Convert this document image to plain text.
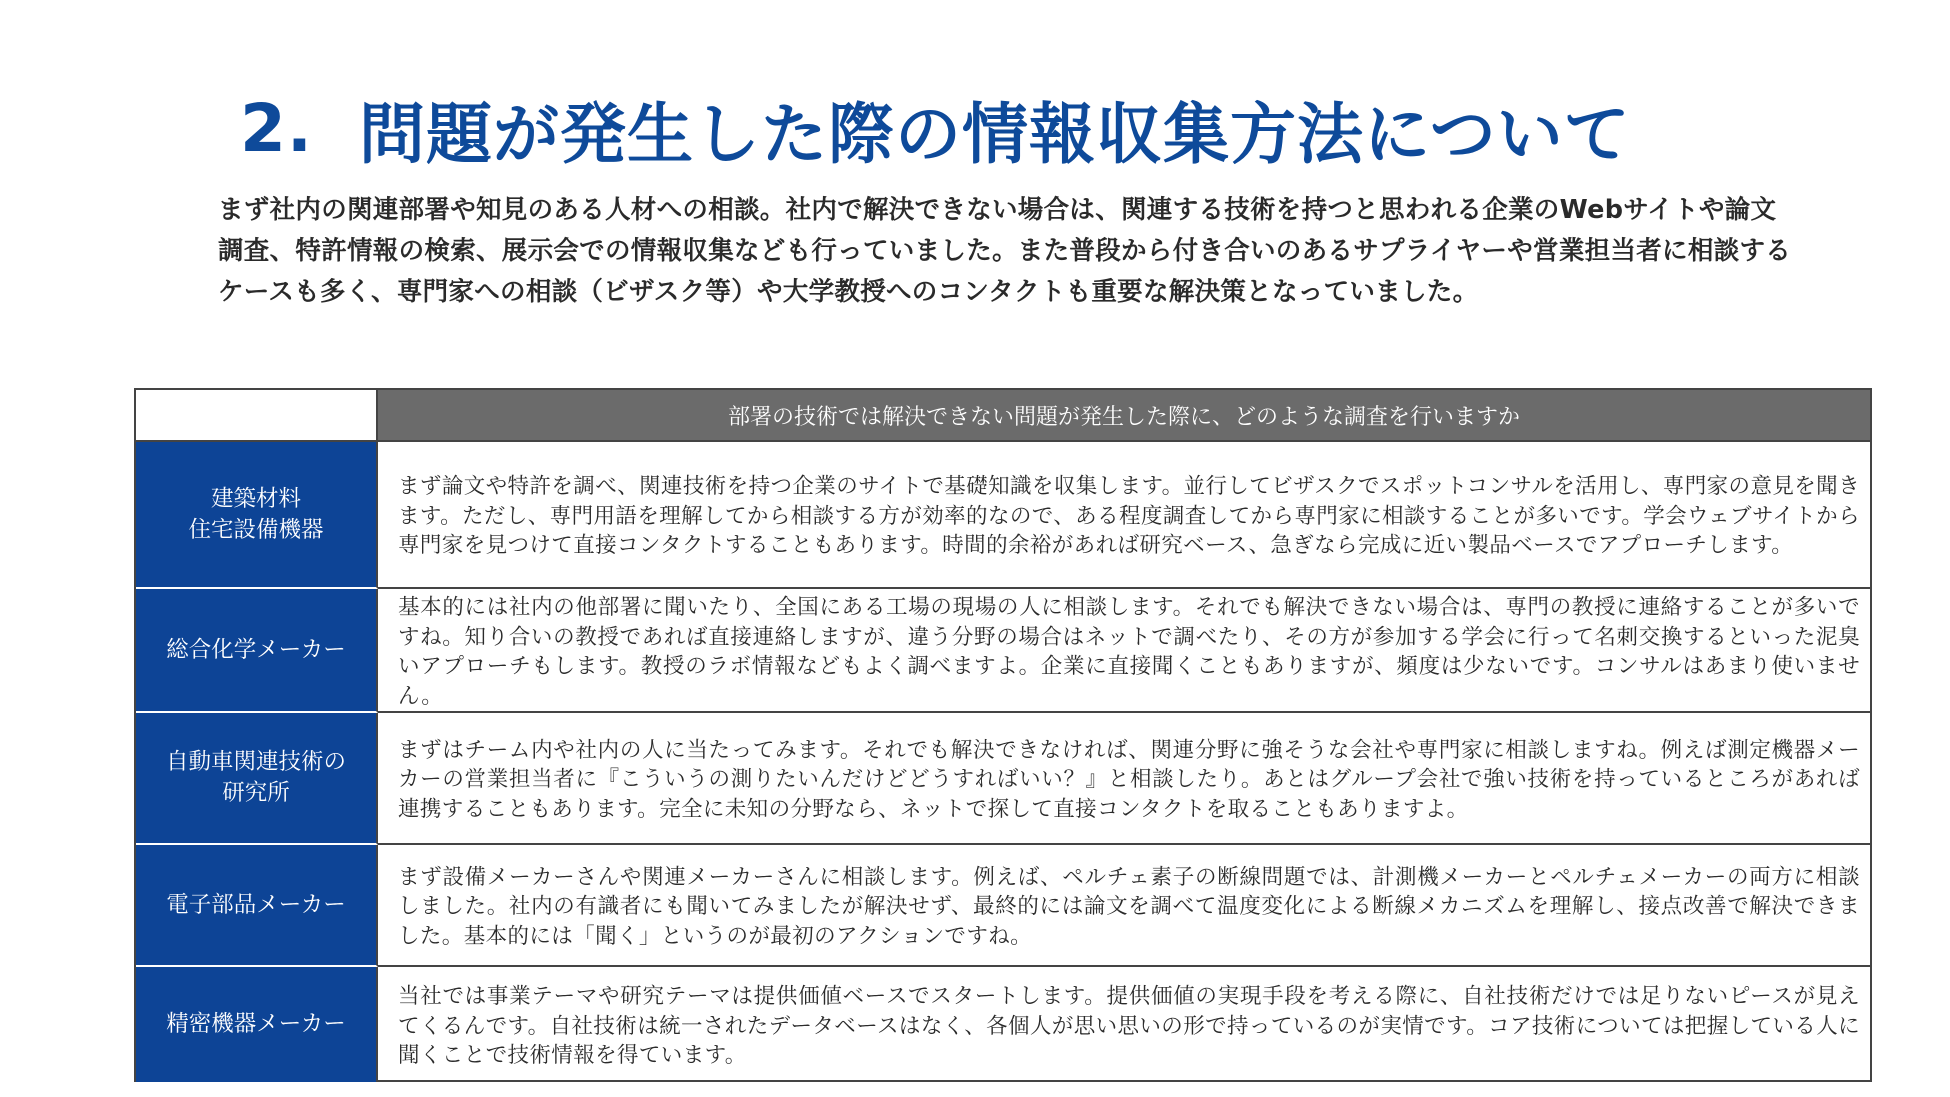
2. 問題が発生した際の情報収集方法について
まず社内の関連部署や知見のある人材への相談。社内で解決できない場合は、関連する技術を持つと思われる企業のWebサイトや論文調査、特許情報の検索、展示会での情報収集なども行っていました。また普段から付き合いのあるサプライヤーや営業担当者に相談するケースも多く、専門家への相談（ビザスク等）や大学教授へのコンタクトも重要な解決策となっていました。
部署の技術では解決できない問題が発生した際に、どのような調査を行いますか
建築材料
住宅設備機器
まず論文や特許を調べ、関連技術を持つ企業のサイトで基礎知識を収集します。並行してビザスクでスポットコンサルを活用し、専門家の意見を聞きます。ただし、専門用語を理解してから相談する方が効率的なので、ある程度調査してから専門家に相談することが多いです。学会ウェブサイトから専門家を見つけて直接コンタクトすることもあります。時間的余裕があれば研究ベース、急ぎなら完成に近い製品ベースでアプローチします。
総合化学メーカー
基本的には社内の他部署に聞いたり、全国にある工場の現場の人に相談します。それでも解決できない場合は、専門の教授に連絡することが多いですね。知り合いの教授であれば直接連絡しますが、違う分野の場合はネットで調べたり、その方が参加する学会に行って名刺交換するといった泥臭いアプローチもします。教授のラボ情報などもよく調べますよ。企業に直接聞くこともありますが、頻度は少ないです。コンサルはあまり使いません。
自動車関連技術の
研究所
まずはチーム内や社内の人に当たってみます。それでも解決できなければ、関連分野に強そうな会社や専門家に相談しますね。例えば測定機器メーカーの営業担当者に『こういうの測りたいんだけどどうすればいい？』と相談したり。あとはグループ会社で強い技術を持っているところがあれば連携することもあります。完全に未知の分野なら、ネットで探して直接コンタクトを取ることもありますよ。
電子部品メーカー
まず設備メーカーさんや関連メーカーさんに相談します。例えば、ペルチェ素子の断線問題では、計測機メーカーとペルチェメーカーの両方に相談しました。社内の有識者にも聞いてみましたが解決せず、最終的には論文を調べて温度変化による断線メカニズムを理解し、接点改善で解決できました。基本的には「聞く」というのが最初のアクションですね。
精密機器メーカー
当社では事業テーマや研究テーマは提供価値ベースでスタートします。提供価値の実現手段を考える際に、自社技術だけでは足りないピースが見えてくるんです。自社技術は統一されたデータベースはなく、各個人が思い思いの形で持っているのが実情です。コア技術については把握している人に聞くことで技術情報を得ています。
